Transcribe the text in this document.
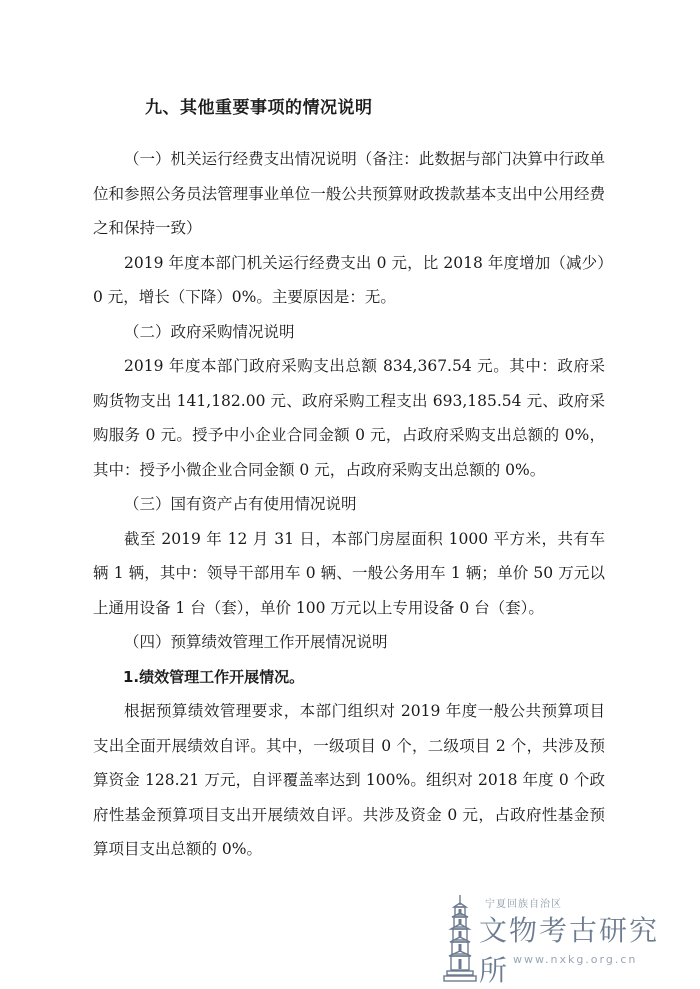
九、其他重要事项的情况说明

（一）机关运行经费支出情况说明（备注：此数据与部门决算中行政单位和参照公务员法管理事业单位一般公共预算财政拨款基本支出中公用经费之和保持一致）

2019 年度本部门机关运行经费支出 0 元，比 2018 年度增加（减少）0 元，增长（下降）0%。主要原因是：无。

（二）政府采购情况说明

2019 年度本部门政府采购支出总额 834,367.54 元。其中：政府采购货物支出 141,182.00 元、政府采购工程支出 693,185.54 元、政府采购服务 0 元。授予中小企业合同金额 0 元，占政府采购支出总额的 0%，其中：授予小微企业合同金额 0 元，占政府采购支出总额的 0%。

（三）国有资产占有使用情况说明

截至 2019 年 12 月 31 日，本部门房屋面积 1000 平方米，共有车辆 1 辆，其中：领导干部用车 0 辆、一般公务用车 1 辆；单价 50 万元以上通用设备 1 台（套），单价 100 万元以上专用设备 0 台（套）。

（四）预算绩效管理工作开展情况说明

1.绩效管理工作开展情况。

根据预算绩效管理要求，本部门组织对 2019 年度一般公共预算项目支出全面开展绩效自评。其中，一级项目 0 个，二级项目 2 个，共涉及预算资金 128.21 万元，自评覆盖率达到 100%。组织对 2018 年度 0 个政府性基金预算项目支出开展绩效自评。共涉及资金 0 元，占政府性基金预算项目支出总额的 0%。

宁夏回族自治区
文物考古研究所 www.nxkg.org.cn
